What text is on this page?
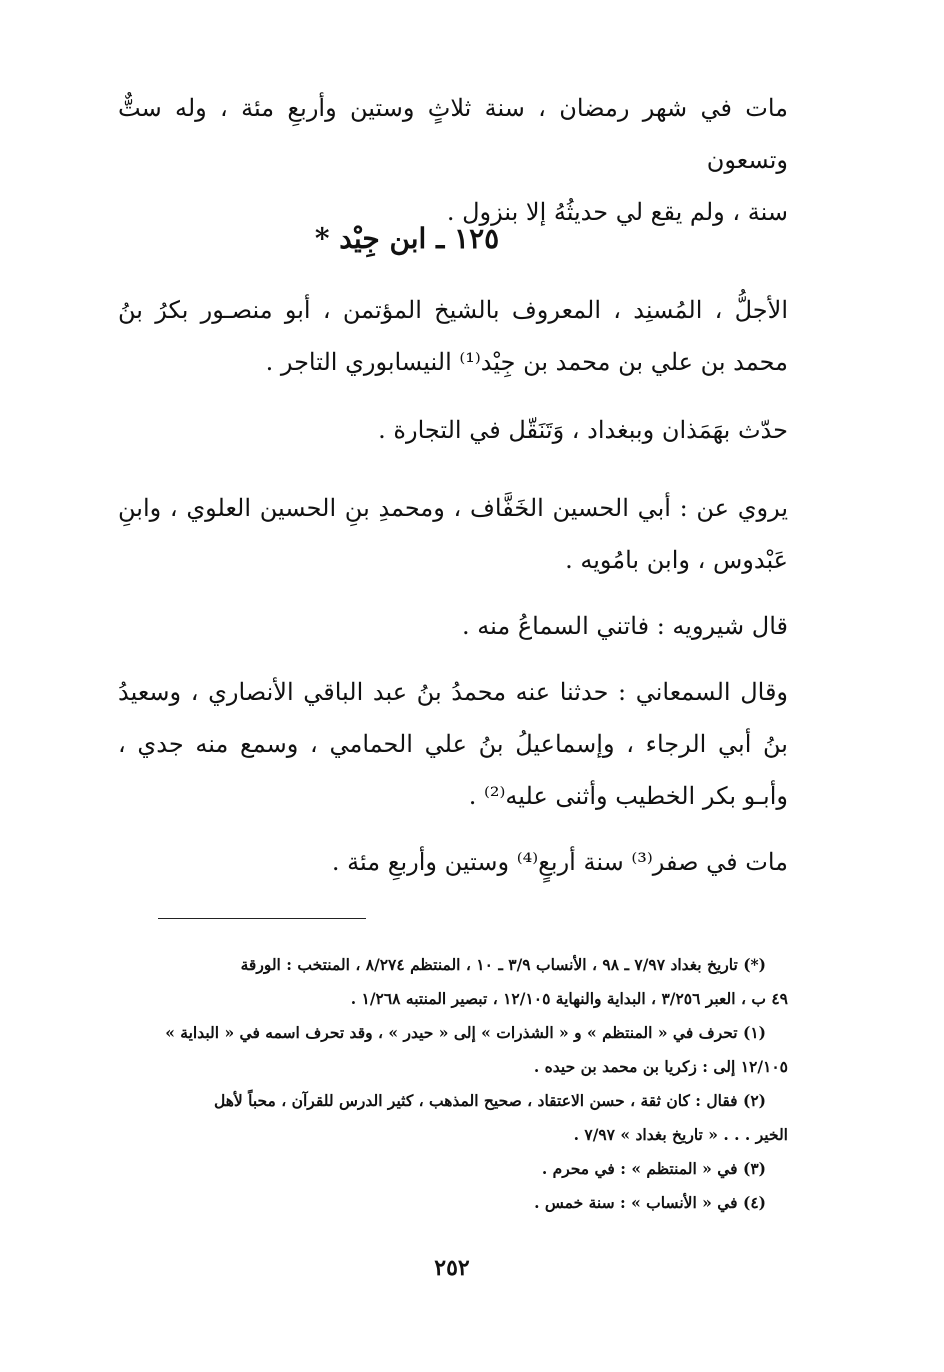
مات في شهر رمضان ، سنة ثلاثٍ وستين وأربعِ مئة ، وله ستٌّ وتسعون

سنة ، ولم يقع لي حديثُهُ إلا بنزول .

١٢٥ ـ ابن جِيْد *

الأجلُّ ، المُسنِد ، المعروف بالشيخ المؤتمن ، أبو منصـور بكرُ بنُ محمد بن علي بن محمد بن جِيْد⁽¹⁾ النيسابوري التاجر .

حدّث بهَمَذان وببغداد ، وَتَنَقّل في التجارة .

يروي عن : أبي الحسين الخَفَّاف ، ومحمدِ بنِ الحسين العلوي ، وابنِ عَبْدوس ، وابن بامُويه .

قال شيرويه : فاتني السماعُ منه .

وقال السمعاني : حدثنا عنه محمدُ بنُ عبد الباقي الأنصاري ، وسعيدُ بنُ أبي الرجاء ، وإسماعيلُ بنُ علي الحمامي ، وسمع منه جدي ، وأبـو بكر الخطيب وأثنى عليه⁽²⁾ .

مات في صفر⁽³⁾ سنة أربعٍ⁽⁴⁾ وستين وأربعِ مئة .

(*) تاريخ بغداد ٧/٩٧ ـ ٩٨ ، الأنساب ٣/٩ ـ ١٠ ، المنتظم ٨/٢٧٤ ، المنتخب : الورقة

٤٩ ب ، العبر ٣/٢٥٦ ، البداية والنهاية ١٢/١٠٥ ، تبصير المنتبه ١/٢٦٨ .

(١) تحرف في « المنتظم » و « الشذرات » إلى « حيدر » ، وقد تحرف اسمه في « البداية »

١٢/١٠٥ إلى : زكريا بن محمد بن حيده .

(٢) فقال : كان ثقة ، حسن الاعتقاد ، صحيح المذهب ، كثير الدرس للقرآن ، محباً لأهل

الخير . . . « تاريخ بغداد » ٧/٩٧ .

(٣) في « المنتظم » : في محرم .

(٤) في « الأنساب » : سنة خمس .

٢٥٢
